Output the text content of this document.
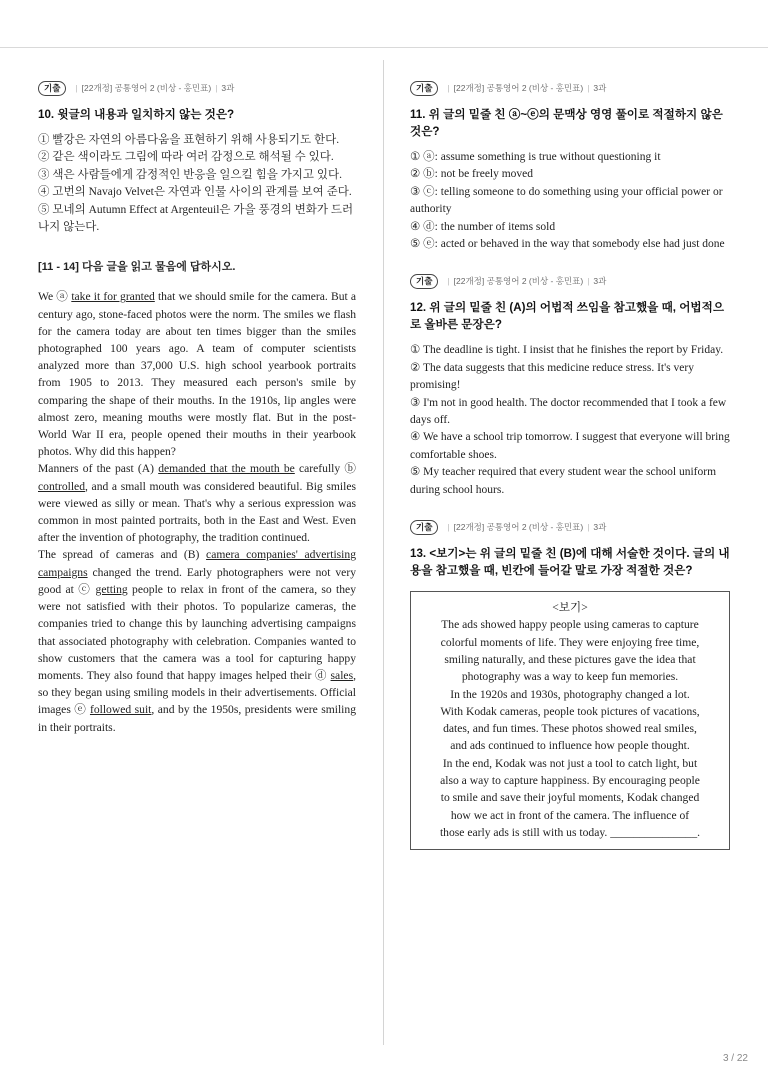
기출	| [22개정] 공통영어 2 (비상 - 홍민표) | 3과
10. 윗글의 내용과 일치하지 않는 것은?

① 빨강은 자연의 아름다움을 표현하기 위해 사용되기도 한다.

② 같은 색이라도 그림에 따라 여러 감정으로 해석될 수 있다.

③ 색은 사람들에게 감정적인 반응을 일으킬 힘을 가지고 있다.

④ 고번의 Navajo Velvet은 자연과 인물 사이의 관계를 보여 준다.

⑤ 모네의 Autumn Effect at Argenteuil은 가을 풍경의 변화가 드러나지 않는다.

[11 - 14] 다음 글을 읽고 물음에 답하시오.
We ⓐ take it for granted that we should smile for the camera. But a century ago, stone-faced photos were the norm. The smiles we flash for the camera today are about ten times bigger than the smiles photographed 100 years ago. A team of computer scientists analyzed more than 37,000 U.S. high school yearbook portraits from 1905 to 2013. They measured each person's smile by comparing the shape of their mouths. In the 1910s, lip angles were almost zero, meaning mouths were mostly flat. But in the post-World War II era, people opened their mouths in their yearbook photos. Why did this happen?
Manners of the past (A) demanded that the mouth be carefully ⓑ controlled, and a small mouth was considered beautiful. Big smiles were viewed as silly or mean. That's why a serious expression was common in most painted portraits, both in the East and West. Even after the invention of photography, the tradition continued.
The spread of cameras and (B) camera companies' advertising campaigns changed the trend. Early photographers were not very good at ⓒ getting people to relax in front of the camera, so they were not satisfied with their photos. To popularize cameras, the companies tried to change this by launching advertising campaigns that associated photography with celebration. Companies wanted to show customers that the camera was a tool for capturing happy moments. They also found that happy images helped their ⓓ sales, so they began using smiling models in their advertisements. Official images ⓔ followed suit, and by the 1950s, presidents were smiling in their portraits.
기출	| [22개정] 공통영어 2 (비상 - 홍민표) | 3과
11. 위 글의 밑줄 친 ⓐ~ⓔ의 문맥상 영영 풀이로 적절하지 않은 것은?

① ⓐ: assume something is true without questioning it

② ⓑ: not be freely moved

③ ⓒ: telling someone to do something using your official power or authority

④ ⓓ: the number of items sold

⑤ ⓔ: acted or behaved in the way that somebody else had just done

기출	| [22개정] 공통영어 2 (비상 - 홍민표) | 3과
12. 위 글의 밑줄 친 (A)의 어법적 쓰임을 참고했을 때, 어법적으로 올바른 문장은?

① The deadline is tight. I insist that he finishes the report by Friday.

② The data suggests that this medicine reduce stress. It's very promising!

③ I'm not in good health. The doctor recommended that I took a few days off.

④ We have a school trip tomorrow. I suggest that everyone will bring comfortable shoes.

⑤ My teacher required that every student wear the school uniform during school hours.

기출	| [22개정] 공통영어 2 (비상 - 홍민표) | 3과
13. <보기>는 위 글의 밑줄 친 (B)에 대해 서술한 것이다. 글의 내용을 참고했을 때, 빈칸에 들어갈 말로 가장 적절한 것은?
<보기>
The ads showed happy people using cameras to capture
colorful moments of life. They were enjoying free time,
smiling naturally, and these pictures gave the idea that
photography was a way to keep fun memories.
In the 1920s and 1930s, photography changed a lot.
With Kodak cameras, people took pictures of vacations,
dates, and fun times. These photos showed real smiles,
and ads continued to influence how people thought.
In the end, Kodak was not just a tool to catch light, but
also a way to capture happiness. By encouraging people
to smile and save their joyful moments, Kodak changed
how we act in front of the camera. The influence of
those early ads is still with us today. _______________.
3 / 22
